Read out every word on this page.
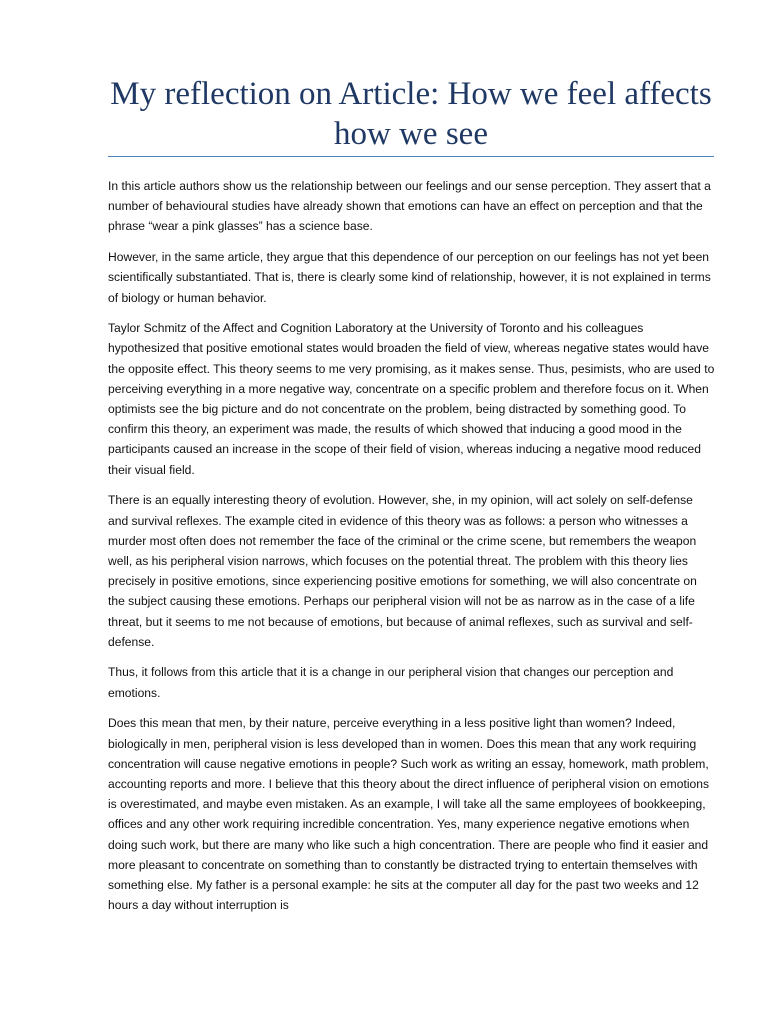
My reflection on Article: How we feel affects how we see

In this article authors show us the relationship between our feelings and our sense perception. They assert that a number of behavioural studies have already shown that emotions can have an effect on perception and that the phrase “wear a pink glasses” has a science base.

However, in the same article, they argue that this dependence of our perception on our feelings has not yet been scientifically substantiated. That is, there is clearly some kind of relationship, however, it is not explained in terms of biology or human behavior.

Taylor Schmitz of the Affect and Cognition Laboratory at the University of Toronto and his colleagues hypothesized that positive emotional states would broaden the field of view, whereas negative states would have the opposite effect. This theory seems to me very promising, as it makes sense. Thus, pesimists, who are used to perceiving everything in a more negative way, concentrate on a specific problem and therefore focus on it. When optimists see the big picture and do not concentrate on the problem, being distracted by something good. To confirm this theory, an experiment was made, the results of which showed that inducing a good mood in the participants caused an increase in the scope of their field of vision, whereas inducing a negative mood reduced their visual field.

There is an equally interesting theory of evolution. However, she, in my opinion, will act solely on self-defense and survival reflexes. The example cited in evidence of this theory was as follows: a person who witnesses a murder most often does not remember the face of the criminal or the crime scene, but remembers the weapon well, as his peripheral vision narrows, which focuses on the potential threat. The problem with this theory lies precisely in positive emotions, since experiencing positive emotions for something, we will also concentrate on the subject causing these emotions. Perhaps our peripheral vision will not be as narrow as in the case of a life threat, but it seems to me not because of emotions, but because of animal reflexes, such as survival and self-defense.

Thus, it follows from this article that it is a change in our peripheral vision that changes our perception and emotions.

Does this mean that men, by their nature, perceive everything in a less positive light than women? Indeed, biologically in men, peripheral vision is less developed than in women. Does this mean that any work requiring concentration will cause negative emotions in people? Such work as writing an essay, homework, math problem, accounting reports and more. I believe that this theory about the direct influence of peripheral vision on emotions is overestimated, and maybe even mistaken. As an example, I will take all the same employees of bookkeeping, offices and any other work requiring incredible concentration. Yes, many experience negative emotions when doing such work, but there are many who like such a high concentration. There are people who find it easier and more pleasant to concentrate on something than to constantly be distracted trying to entertain themselves with something else. My father is a personal example: he sits at the computer all day for the past two weeks and 12 hours a day without interruption is
